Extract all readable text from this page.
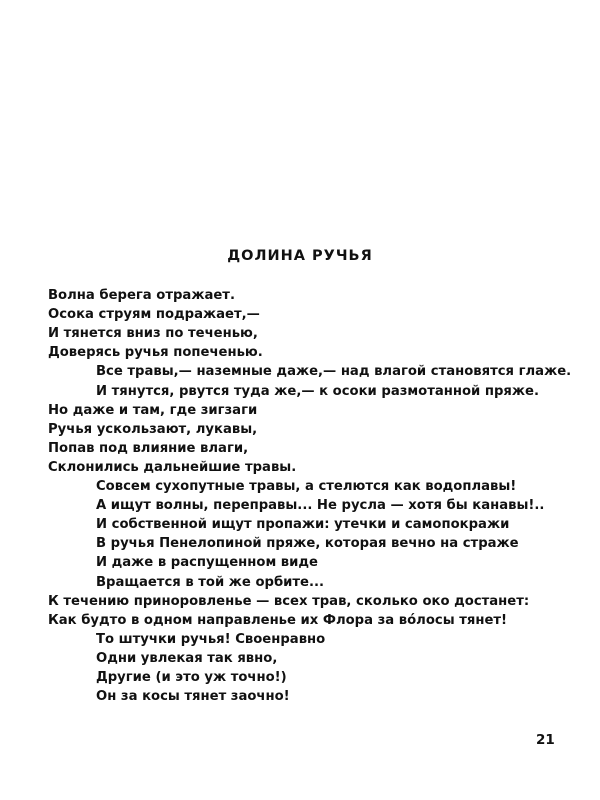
ДОЛИНА РУЧЬЯ
Волна берега отражает.
Осока струям подражает,—
И тянется вниз по теченью,
Доверясь ручья попеченью.
Все травы,— наземные даже,— над влагой становятся глаже.
И тянутся, рвутся туда же,— к осоки размотанной пряже.
Но даже и там, где зигзаги
Ручья ускользают, лукавы,
Попав под влияние влаги,
Склонились дальнейшие травы.
Совсем сухопутные травы, а стелются как водоплавы!
А ищут волны, переправы... Не русла — хотя бы канавы!..
И собственной ищут пропажи: утечки и самопокражи
В ручья Пенелопиной пряже, которая вечно на страже
И даже в распущенном виде
Вращается в той же орбите...
К течению приноровленье — всех трав, сколько око достанет:
Как будто в одном направленье их Флора за вóлосы тянет!
То штучки ручья! Своенравно
Одни увлекая так явно,
Другие (и это уж точно!)
Он за косы тянет заочно!
21
